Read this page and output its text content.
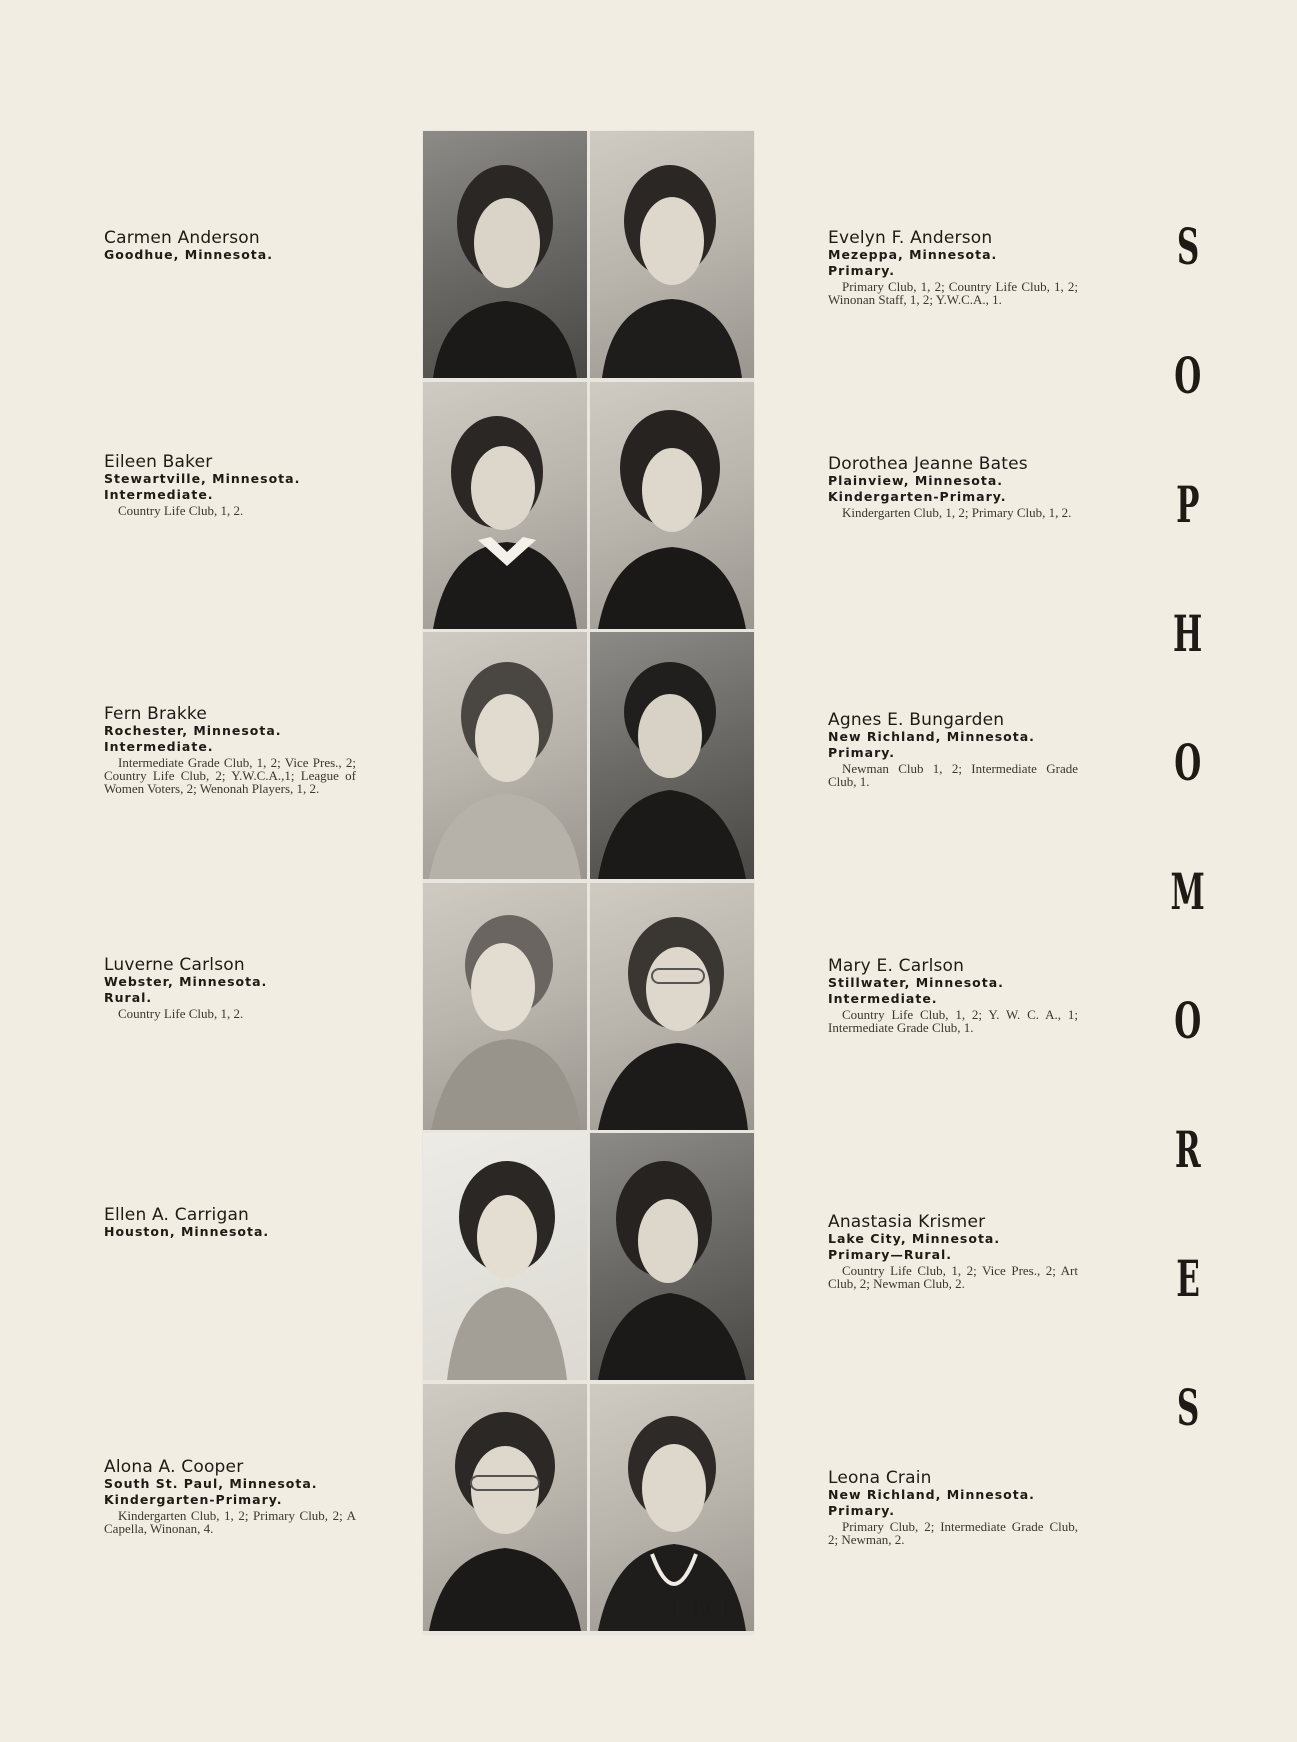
Carmen Anderson

Goodhue, Minnesota.

Eileen Baker

Stewartville, Minnesota.

Intermediate.

Country Life Club, 1, 2.

Fern Brakke

Rochester, Minnesota.

Intermediate.

Intermediate Grade Club, 1, 2; Vice Pres., 2; Country Life Club, 2; Y.W.C.A.,1; League of Women Voters, 2; Wenonah Players, 1, 2.

Luverne Carlson

Webster, Minnesota.

Rural.

Country Life Club, 1, 2.

Ellen A. Carrigan

Houston, Minnesota.

Alona A. Cooper

South St. Paul, Minnesota.

Kindergarten-Primary.

Kindergarten Club, 1, 2; Primary Club, 2; A Capella, Winonan, 4.

Evelyn F. Anderson

Mezeppa, Minnesota.

Primary.

Primary Club, 1, 2; Country Life Club, 1, 2; Winonan Staff, 1, 2; Y.W.C.A., 1.

Dorothea Jeanne Bates

Plainview, Minnesota.

Kindergarten-Primary.

Kindergarten Club, 1, 2; Primary Club, 1, 2.

Agnes E. Bungarden

New Richland, Minnesota.

Primary.

Newman Club 1, 2; Intermediate Grade Club, 1.

Mary E. Carlson

Stillwater, Minnesota.

Intermediate.

Country Life Club, 1, 2; Y. W. C. A., 1; Intermediate Grade Club, 1.

Anastasia Krismer

Lake City, Minnesota.

Primary—Rural.

Country Life Club, 1, 2; Vice Pres., 2; Art Club, 2; Newman Club, 2.

Leona Crain

New Richland, Minnesota.

Primary.

Primary Club, 2; Intermediate Grade Club, 2; Newman, 2.

S
O
P
H
O
M
O
R
E
S
[ 19 ]
